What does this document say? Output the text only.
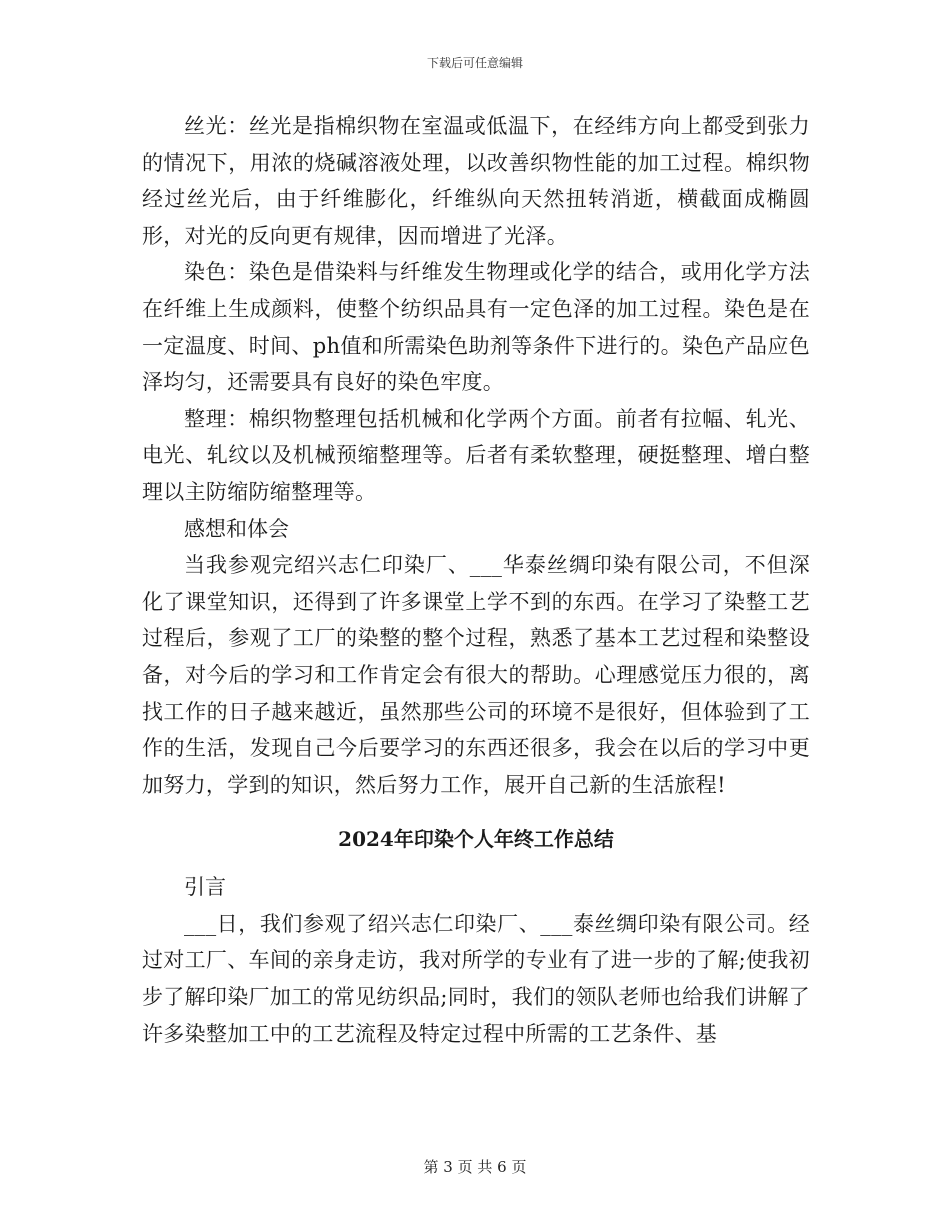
下载后可任意编辑

丝光：丝光是指棉织物在室温或低温下，在经纬方向上都受到张力的情况下，用浓的烧碱溶液处理，以改善织物性能的加工过程。棉织物经过丝光后，由于纤维膨化，纤维纵向天然扭转消逝，横截面成椭圆形，对光的反向更有规律，因而增进了光泽。

染色：染色是借染料与纤维发生物理或化学的结合，或用化学方法在纤维上生成颜料，使整个纺织品具有一定色泽的加工过程。染色是在一定温度、时间、ph值和所需染色助剂等条件下进行的。染色产品应色泽均匀，还需要具有良好的染色牢度。

整理：棉织物整理包括机械和化学两个方面。前者有拉幅、轧光、电光、轧纹以及机械预缩整理等。后者有柔软整理，硬挺整理、增白整理以主防缩防缩整理等。

感想和体会

当我参观完绍兴志仁印染厂、___华泰丝绸印染有限公司，不但深化了课堂知识，还得到了许多课堂上学不到的东西。在学习了染整工艺过程后，参观了工厂的染整的整个过程，熟悉了基本工艺过程和染整设备，对今后的学习和工作肯定会有很大的帮助。心理感觉压力很的，离找工作的日子越来越近，虽然那些公司的环境不是很好，但体验到了工作的生活，发现自己今后要学习的东西还很多，我会在以后的学习中更加努力，学到的知识，然后努力工作，展开自己新的生活旅程!

2024年印染个人年终工作总结

引言

___日，我们参观了绍兴志仁印染厂、___泰丝绸印染有限公司。经过对工厂、车间的亲身走访，我对所学的专业有了进一步的了解;使我初步了解印染厂加工的常见纺织品;同时，我们的领队老师也给我们讲解了许多染整加工中的工艺流程及特定过程中所需的工艺条件、基

第 3 页 共 6 页
